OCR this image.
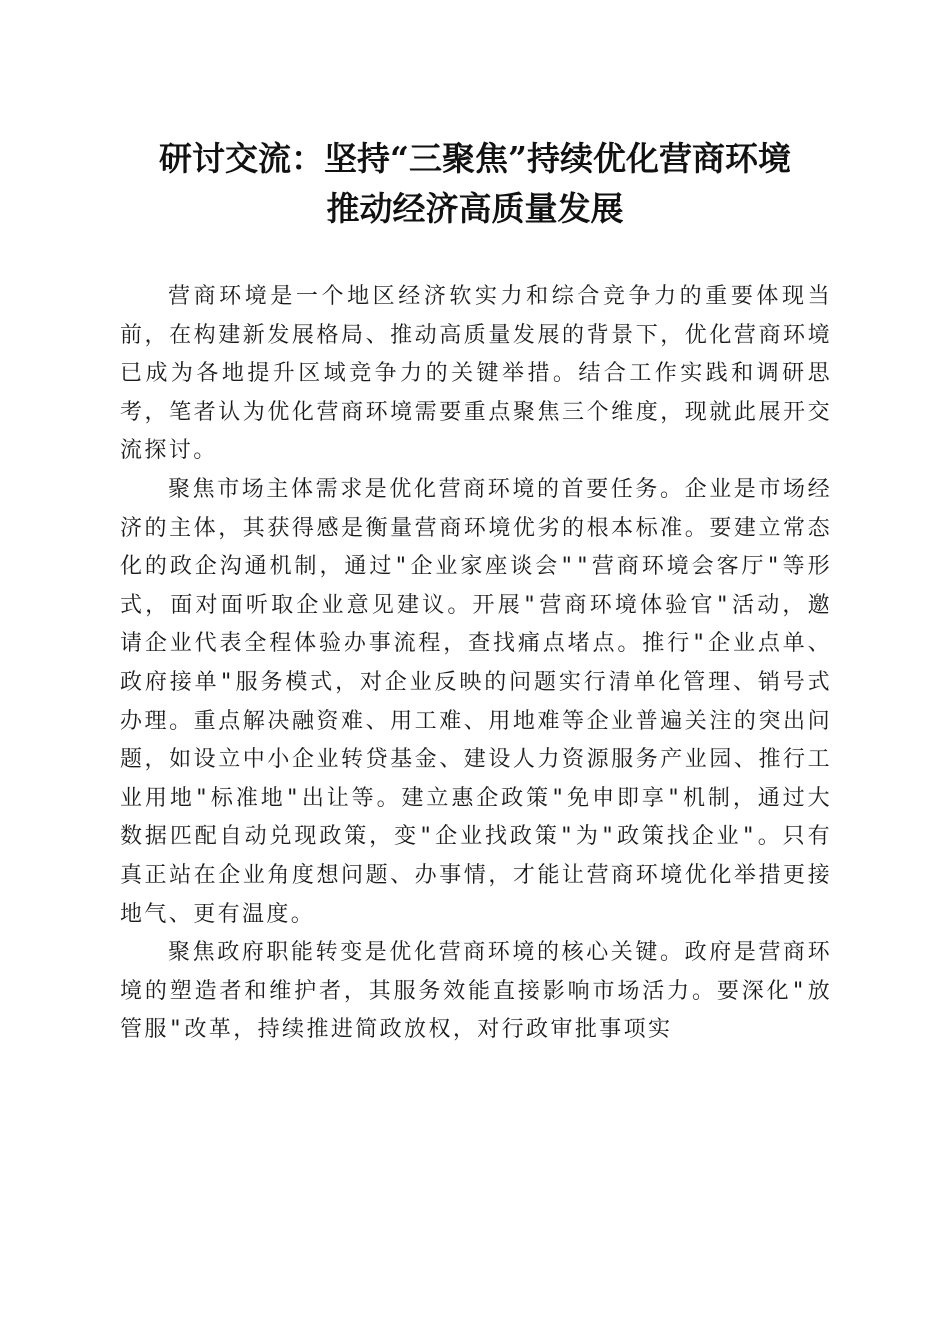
研讨交流：坚持“三聚焦”持续优化营商环境
推动经济高质量发展

营商环境是一个地区经济软实力和综合竞争力的重要体现当前，在构建新发展格局、推动高质量发展的背景下，优化营商环境已成为各地提升区域竞争力的关键举措。结合工作实践和调研思考，笔者认为优化营商环境需要重点聚焦三个维度，现就此展开交流探讨。

聚焦市场主体需求是优化营商环境的首要任务。企业是市场经济的主体，其获得感是衡量营商环境优劣的根本标准。要建立常态化的政企沟通机制，通过"企业家座谈会""营商环境会客厅"等形式，面对面听取企业意见建议。开展"营商环境体验官"活动，邀请企业代表全程体验办事流程，查找痛点堵点。推行"企业点单、政府接单"服务模式，对企业反映的问题实行清单化管理、销号式办理。重点解决融资难、用工难、用地难等企业普遍关注的突出问题，如设立中小企业转贷基金、建设人力资源服务产业园、推行工业用地"标准地"出让等。建立惠企政策"免申即享"机制，通过大数据匹配自动兑现政策，变"企业找政策"为"政策找企业"。只有真正站在企业角度想问题、办事情，才能让营商环境优化举措更接地气、更有温度。

聚焦政府职能转变是优化营商环境的核心关键。政府是营商环境的塑造者和维护者，其服务效能直接影响市场活力。要深化"放管服"改革，持续推进简政放权，对行政审批事项实
